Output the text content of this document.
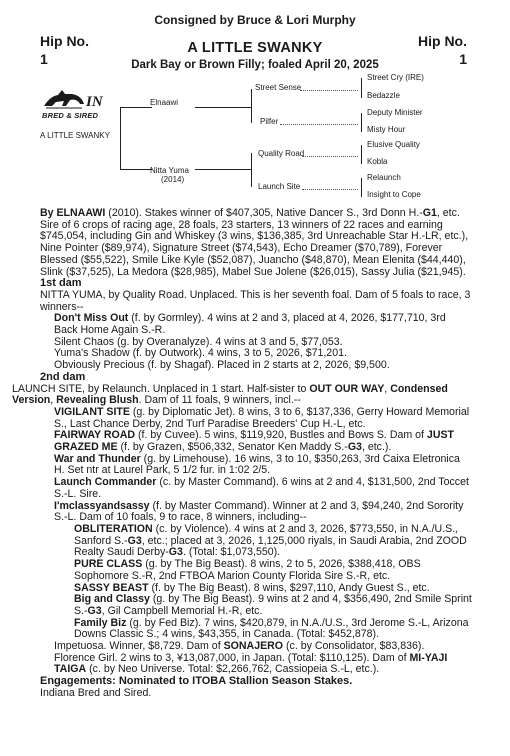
Consigned by Bruce & Lori Murphy
Hip No.
1
Hip No.
1
A LITTLE SWANKY
Dark Bay or Brown Filly; foaled April 20, 2025
IN
BRED & SIRED
A LITTLE SWANKY
Elnaawi
Nitta Yuma
(2014)
Street Sense
Pilfer
Quality Road
Launch Site
Street Cry (IRE)
Bedazzle
Deputy Minister
Misty Hour
Elusive Quality
Kobla
Relaunch
Insight to Cope

By ELNAAWI (2010). Stakes winner of $407,305, Native Dancer S., 3rd Donn H.-G1, etc. Sire of 6 crops of racing age, 28 foals, 23 starters, 13 winners of 22 races and earning $745,054, including Gin and Whiskey (3 wins, $136,385, 3rd Unreachable Star H.-LR, etc.), Nine Pointer ($89,974), Signature Street ($74,543), Echo Dreamer ($70,789), Forever Blessed ($55,522), Smile Like Kyle ($52,087), Juancho ($48,870), Mean Elenita ($44,440), Slink ($37,525), La Medora ($28,985), Mabel Sue Jolene ($26,015), Sassy Julia ($21,945).

1st dam

NITTA YUMA, by Quality Road. Unplaced. This is her seventh foal. Dam of 5 foals to race, 3 winners--

Don't Miss Out (f. by Gormley). 4 wins at 2 and 3, placed at 4, 2026, $177,710, 3rd Back Home Again S.-R.

Silent Chaos (g. by Overanalyze). 4 wins at 3 and 5, $77,053.

Yuma's Shadow (f. by Outwork). 4 wins, 3 to 5, 2026, $71,201.

Obviously Precious (f. by Shagaf). Placed in 2 starts at 2, 2026, $9,500.

2nd dam

LAUNCH SITE, by Relaunch. Unplaced in 1 start. Half-sister to OUT OUR WAY, Condensed Version, Revealing Blush. Dam of 11 foals, 9 winners, incl.--

VIGILANT SITE (g. by Diplomatic Jet). 8 wins, 3 to 6, $137,336, Gerry Howard Memorial S., Last Chance Derby, 2nd Turf Paradise Breeders' Cup H.-L, etc.

FAIRWAY ROAD (f. by Cuvee). 5 wins, $119,920, Bustles and Bows S. Dam of JUST GRAZED ME (f. by Grazen, $506,332, Senator Ken Maddy S.-G3, etc.).

War and Thunder (g. by Limehouse). 16 wins, 3 to 10, $350,263, 3rd Caixa Eletronica H. Set ntr at Laurel Park, 5 1/2 fur. in 1:02 2/5.

Launch Commander (c. by Master Command). 6 wins at 2 and 4, $131,500, 2nd Toccet S.-L. Sire.

I'mclassyandsassy (f. by Master Command). Winner at 2 and 3, $94,240, 2nd Sorority S.-L. Dam of 10 foals, 9 to race, 8 winners, including--

OBLITERATION (c. by Violence). 4 wins at 2 and 3, 2026, $773,550, in N.A./U.S., Sanford S.-G3, etc.; placed at 3, 2026, 1,125,000 riyals, in Saudi Arabia, 2nd ZOOD Realty Saudi Derby-G3. (Total: $1,073,550).

PURE CLASS (g. by The Big Beast). 8 wins, 2 to 5, 2026, $388,418, OBS Sophomore S.-R, 2nd FTBOA Marion County Florida Sire S.-R, etc.

SASSY BEAST (f. by The Big Beast). 8 wins, $297,110, Andy Guest S., etc.

Big and Classy (g. by The Big Beast). 9 wins at 2 and 4, $356,490, 2nd Smile Sprint S.-G3, Gil Campbell Memorial H.-R, etc.

Family Biz (g. by Fed Biz). 7 wins, $420,879, in N.A./U.S., 3rd Jerome S.-L, Arizona Downs Classic S.; 4 wins, $43,355, in Canada. (Total: $452,878).

Impetuosa. Winner, $8,729. Dam of SONAJERO (c. by Consolidator, $83,836).

Florence Girl. 2 wins to 3, ¥13,087,000, in Japan. (Total: $110,125). Dam of MI-YAJI TAIGA (c. by Neo Universe. Total: $2,266,762, Cassiopeia S.-L, etc.).

Engagements: Nominated to ITOBA Stallion Season Stakes.

Indiana Bred and Sired.
